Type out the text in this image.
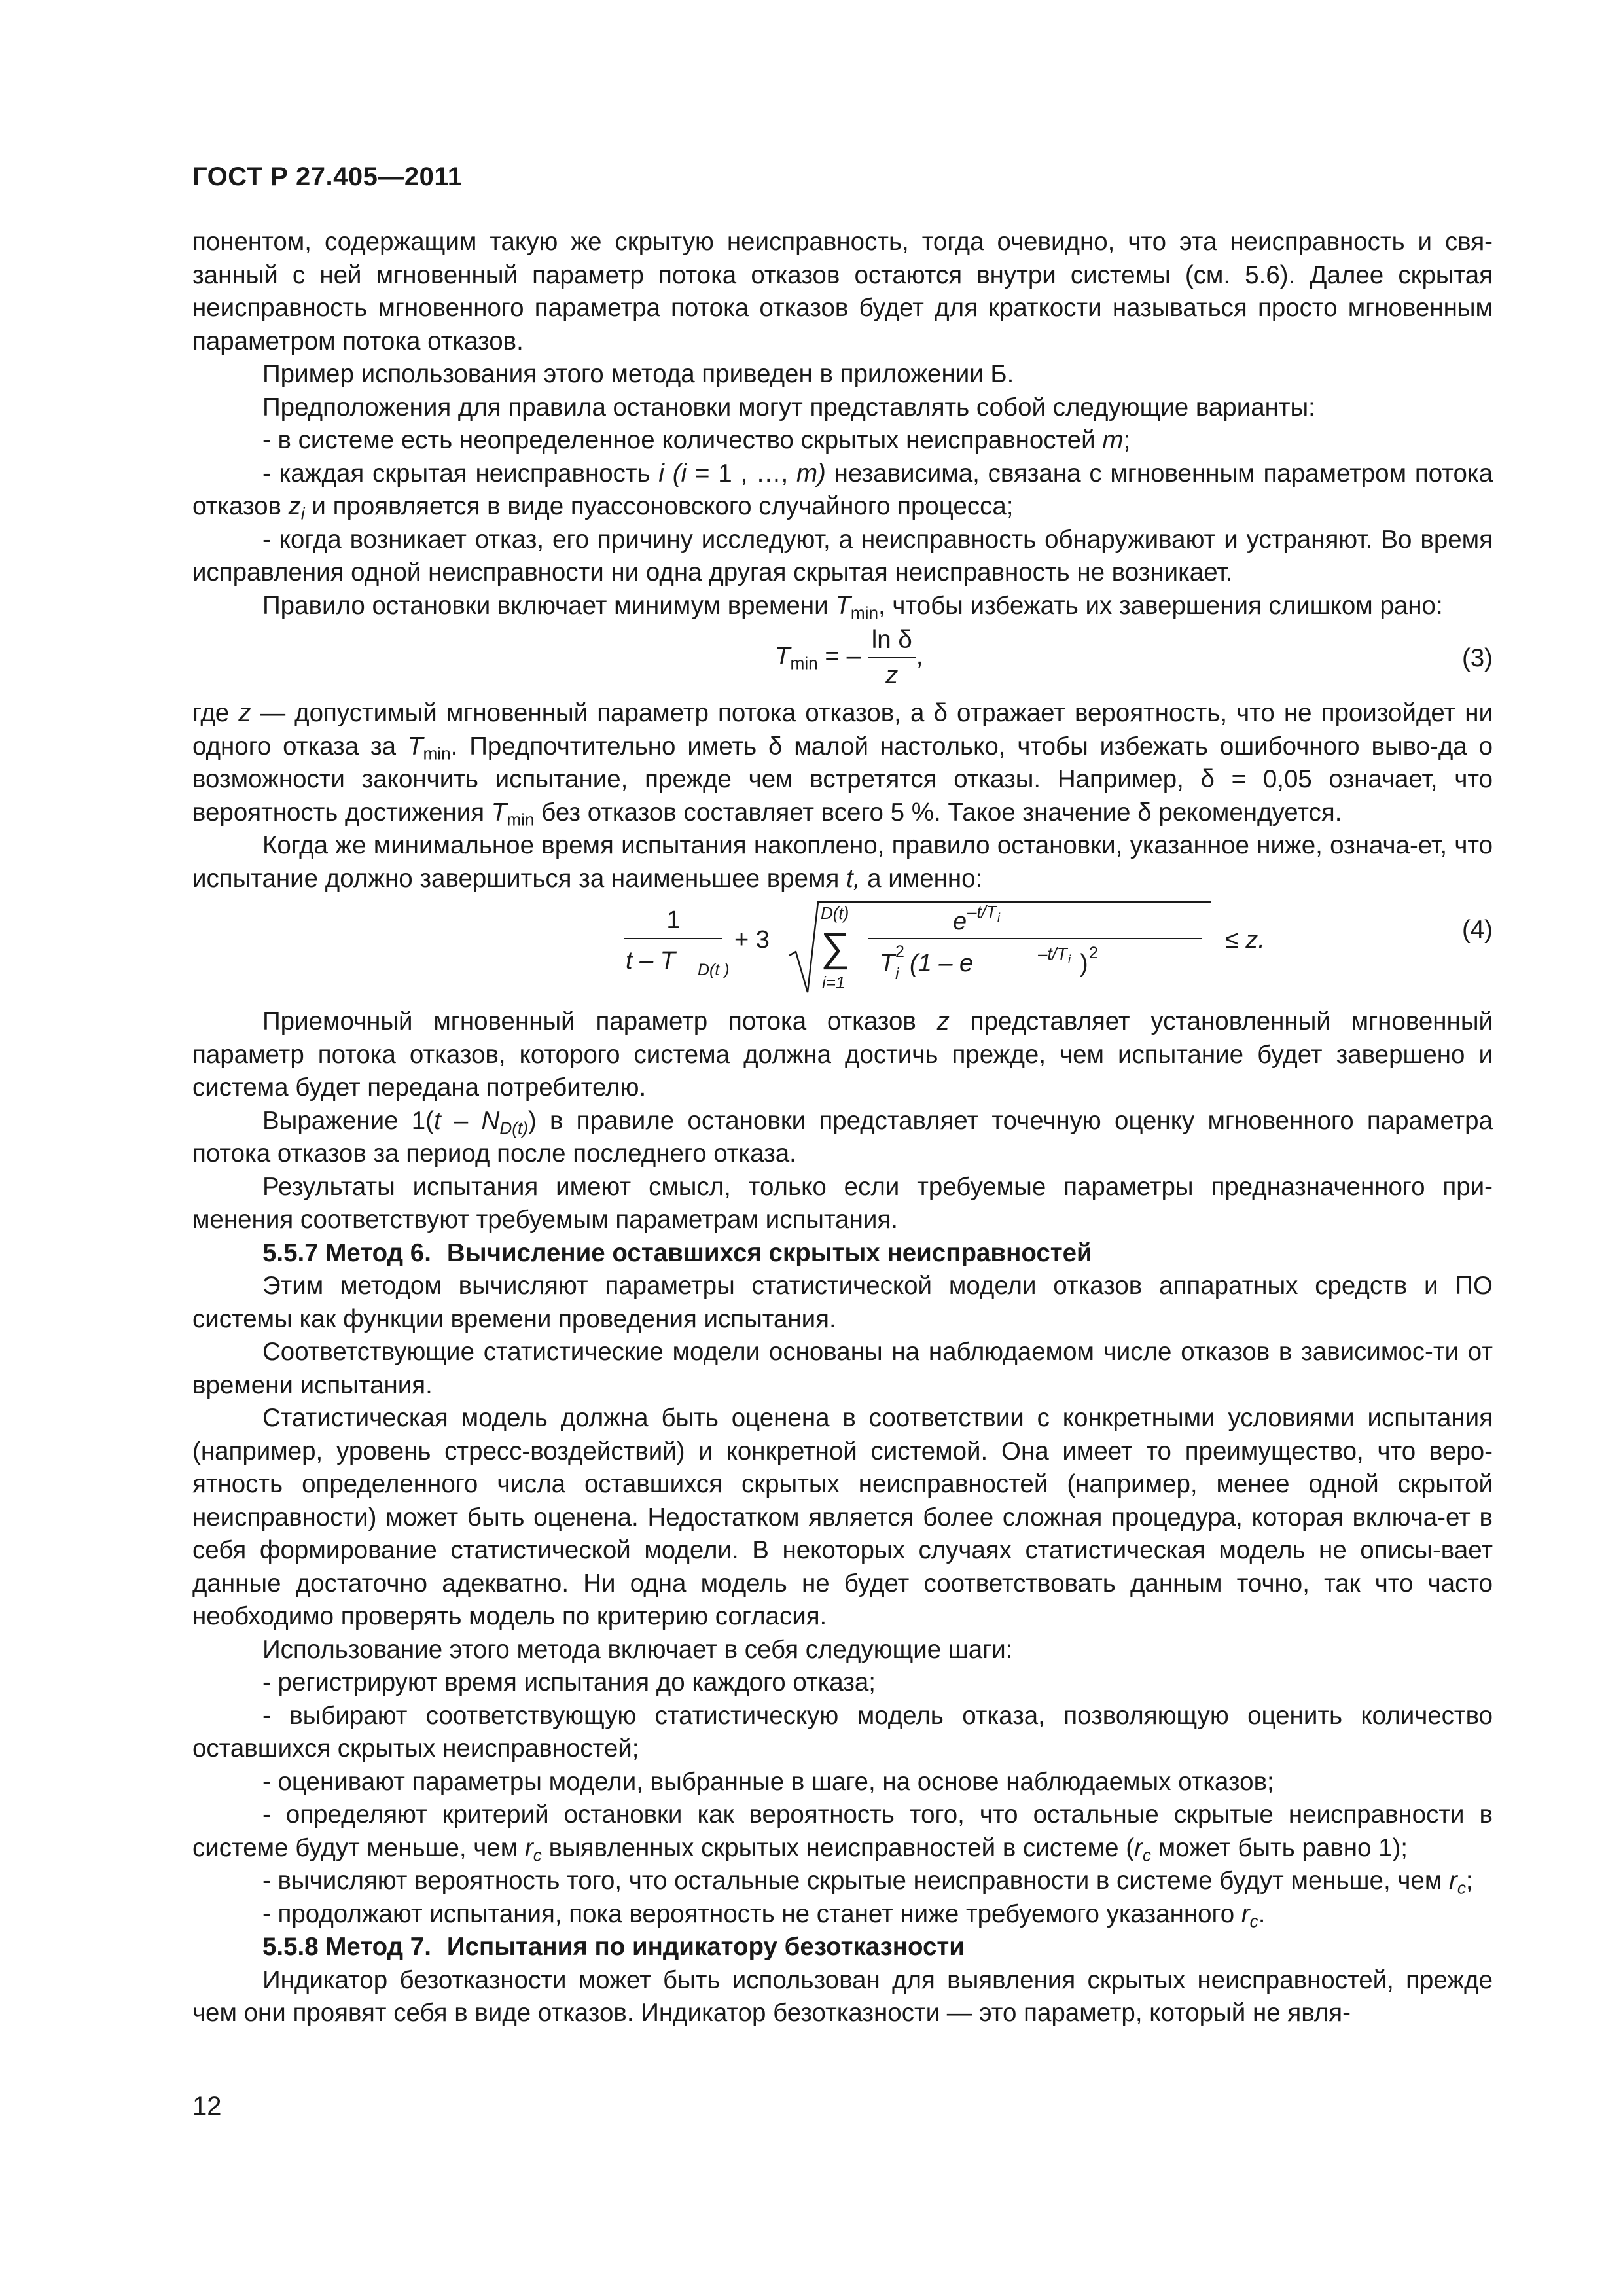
ГОСТ Р 27.405—2011

понентом, содержащим такую же скрытую неисправность, тогда очевидно, что эта неисправность и свя-занный с ней мгновенный параметр потока отказов остаются внутри системы (см. 5.6). Далее скрытая неисправность мгновенного параметра потока отказов будет для краткости называться просто мгновенным параметром потока отказов.

Пример использования этого метода приведен в приложении Б.

Предположения для правила остановки могут представлять собой следующие варианты:

- в системе есть неопределенное количество скрытых неисправностей m;

- каждая скрытая неисправность i (i = 1 , …, m) независима, связана с мгновенным параметром потока отказов $z_i$ и проявляется в виде пуассоновского случайного процесса;

- когда возникает отказ, его причину исследуют, а неисправность обнаруживают и устраняют. Во время исправления одной неисправности ни одна другая скрытая неисправность не возникает.

Правило остановки включает минимум времени $T_{min}$, чтобы избежать их завершения слишком рано:

$T_{min}$ = – $\frac{\text{ln δ}}{z}$ ,	(3)

где z — допустимый мгновенный параметр потока отказов, а δ отражает вероятность, что не произойдет ни одного отказа за $T_{min}$. Предпочтительно иметь δ малой настолько, чтобы избежать ошибочного выво-да о возможности закончить испытание, прежде чем встретятся отказы. Например, δ = 0,05 означает, что вероятность достижения $T_{min}$ без отказов составляет всего 5 %. Такое значение δ рекомендуется.

Когда же минимальное время испытания накоплено, правило остановки, указанное ниже, означа-ет, что испытание должно завершиться за наименьшее время t, а именно:

1
t – T D(t )
+ 3
D(t)
∑
i=1
e –t/T i
T i
2 (1 – e	–t/T i ) 2	≤ z.	(4)

Приемочный мгновенный параметр потока отказов z представляет установленный мгновенный параметр потока отказов, которого система должна достичь прежде, чем испытание будет завершено и система будет передана потребителю.

Выражение $1(t - N_{D(t)})$ в правиле остановки представляет точечную оценку мгновенного параметра потока отказов за период после последнего отказа.

Результаты испытания имеют смысл, только если требуемые параметры предназначенного при-менения соответствуют требуемым параметрам испытания.

5.5.7 Метод 6. Вычисление оставшихся скрытых неисправностей

Этим методом вычисляют параметры статистической модели отказов аппаратных средств и ПО системы как функции времени проведения испытания.

Соответствующие статистические модели основаны на наблюдаемом числе отказов в зависимос-ти от времени испытания.

Статистическая модель должна быть оценена в соответствии с конкретными условиями испытания (например, уровень стресс-воздействий) и конкретной системой. Она имеет то преимущество, что веро-ятность определенного числа оставшихся скрытых неисправностей (например, менее одной скрытой неисправности) может быть оценена. Недостатком является более сложная процедура, которая включа-ет в себя формирование статистической модели. В некоторых случаях статистическая модель не описы-вает данные достаточно адекватно. Ни одна модель не будет соответствовать данным точно, так что часто необходимо проверять модель по критерию согласия.

Использование этого метода включает в себя следующие шаги:

- регистрируют время испытания до каждого отказа;

- выбирают соответствующую статистическую модель отказа, позволяющую оценить количество оставшихся скрытых неисправностей;

- оценивают параметры модели, выбранные в шаге, на основе наблюдаемых отказов;

- определяют критерий остановки как вероятность того, что остальные скрытые неисправности в системе будут меньше, чем $r_c$ выявленных скрытых неисправностей в системе ($r_c$ может быть равно 1);

- вычисляют вероятность того, что остальные скрытые неисправности в системе будут меньше, чем $r_c$;

- продолжают испытания, пока вероятность не станет ниже требуемого указанного $r_c$.

5.5.8 Метод 7. Испытания по индикатору безотказности

Индикатор безотказности может быть использован для выявления скрытых неисправностей, прежде чем они проявят себя в виде отказов. Индикатор безотказности — это параметр, который не явля-

12
